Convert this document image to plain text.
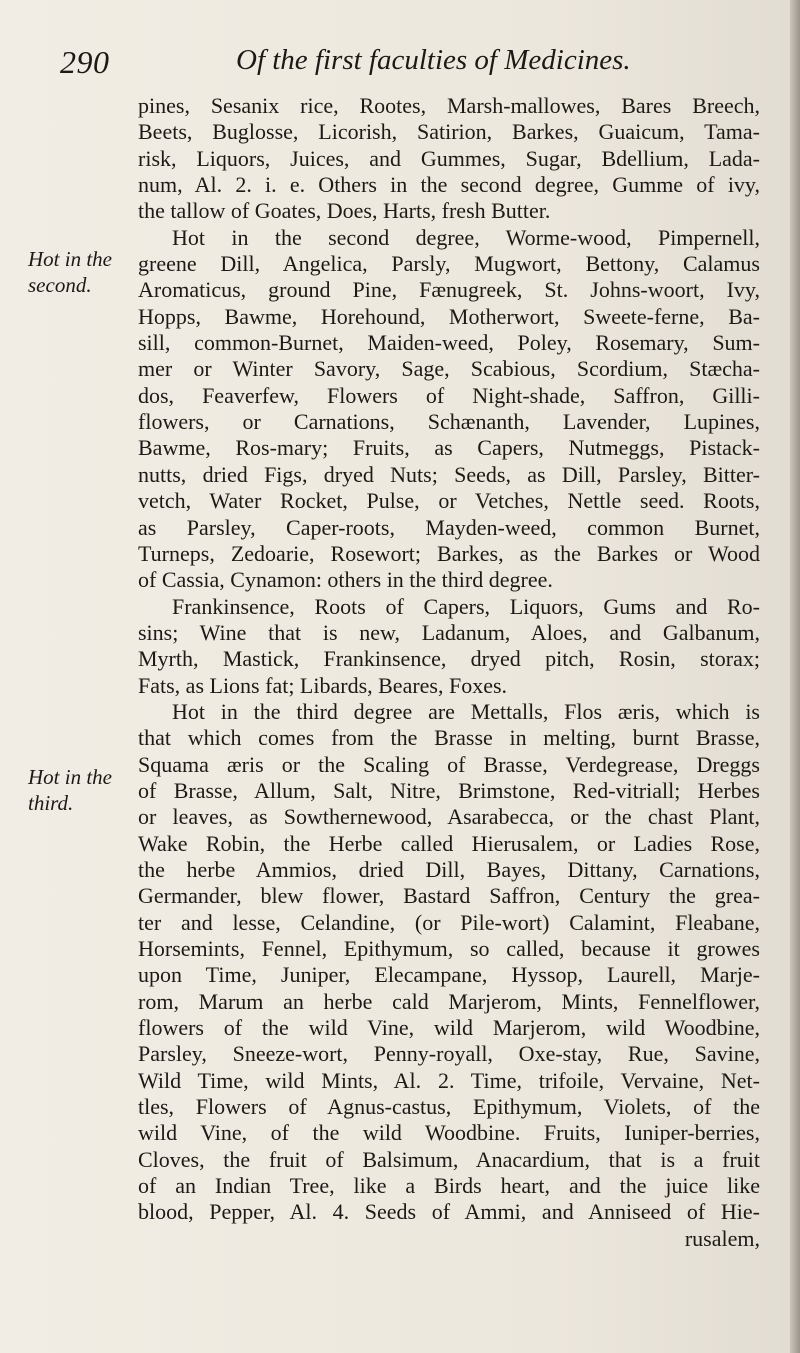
290	Of the first faculties of Medicines.
Hot in the
second.
Hot in the
third.
pines, Sesanix rice, Rootes, Marsh-mallowes, Bares Breech,
Beets, Buglosse, Licorish, Satirion, Barkes, Guaicum, Tama-
risk, Liquors, Juices, and Gummes, Sugar, Bdellium, Lada-
num, Al. 2. i. e. Others in the second degree, Gumme of ivy,
the tallow of Goates, Does, Harts, fresh Butter.
Hot in the second degree, Worme-wood, Pimpernell,
greene Dill, Angelica, Parsly, Mugwort, Bettony, Calamus
Aromaticus, ground Pine, Fænugreek, St. Johns-woort, Ivy,
Hopps, Bawme, Horehound, Motherwort, Sweete-ferne, Ba-
sill, common-Burnet, Maiden-weed, Poley, Rosemary, Sum-
mer or Winter Savory, Sage, Scabious, Scordium, Stæcha-
dos, Feaverfew, Flowers of Night-shade, Saffron, Gilli-
flowers, or Carnations, Schænanth, Lavender, Lupines,
Bawme, Ros-mary; Fruits, as Capers, Nutmeggs, Pistack-
nutts, dried Figs, dryed Nuts; Seeds, as Dill, Parsley, Bitter-
vetch, Water Rocket, Pulse, or Vetches, Nettle seed. Roots,
as Parsley, Caper-roots, Mayden-weed, common Burnet,
Turneps, Zedoarie, Rosewort; Barkes, as the Barkes or Wood
of Cassia, Cynamon: others in the third degree.
Frankinsence, Roots of Capers, Liquors, Gums and Ro-
sins; Wine that is new, Ladanum, Aloes, and Galbanum,
Myrth, Mastick, Frankinsence, dryed pitch, Rosin, storax;
Fats, as Lions fat; Libards, Beares, Foxes.
Hot in the third degree are Mettalls, Flos æris, which is
that which comes from the Brasse in melting, burnt Brasse,
Squama æris or the Scaling of Brasse, Verdegrease, Dreggs
of Brasse, Allum, Salt, Nitre, Brimstone, Red-vitriall; Herbes
or leaves, as Sowthernewood, Asarabecca, or the chast Plant,
Wake Robin, the Herbe called Hierusalem, or Ladies Rose,
the herbe Ammios, dried Dill, Bayes, Dittany, Carnations,
Germander, blew flower, Bastard Saffron, Century the grea-
ter and lesse, Celandine, (or Pile-wort) Calamint, Fleabane,
Horsemints, Fennel, Epithymum, so called, because it growes
upon Time, Juniper, Elecampane, Hyssop, Laurell, Marje-
rom, Marum an herbe cald Marjerom, Mints, Fennelflower,
flowers of the wild Vine, wild Marjerom, wild Woodbine,
Parsley, Sneeze-wort, Penny-royall, Oxe-stay, Rue, Savine,
Wild Time, wild Mints, Al. 2. Time, trifoile, Vervaine, Net-
tles, Flowers of Agnus-castus, Epithymum, Violets, of the
wild Vine, of the wild Woodbine. Fruits, Iuniper-berries,
Cloves, the fruit of Balsimum, Anacardium, that is a fruit
of an Indian Tree, like a Birds heart, and the juice like
blood, Pepper, Al. 4. Seeds of Ammi, and Anniseed of Hie-
rusalem,
